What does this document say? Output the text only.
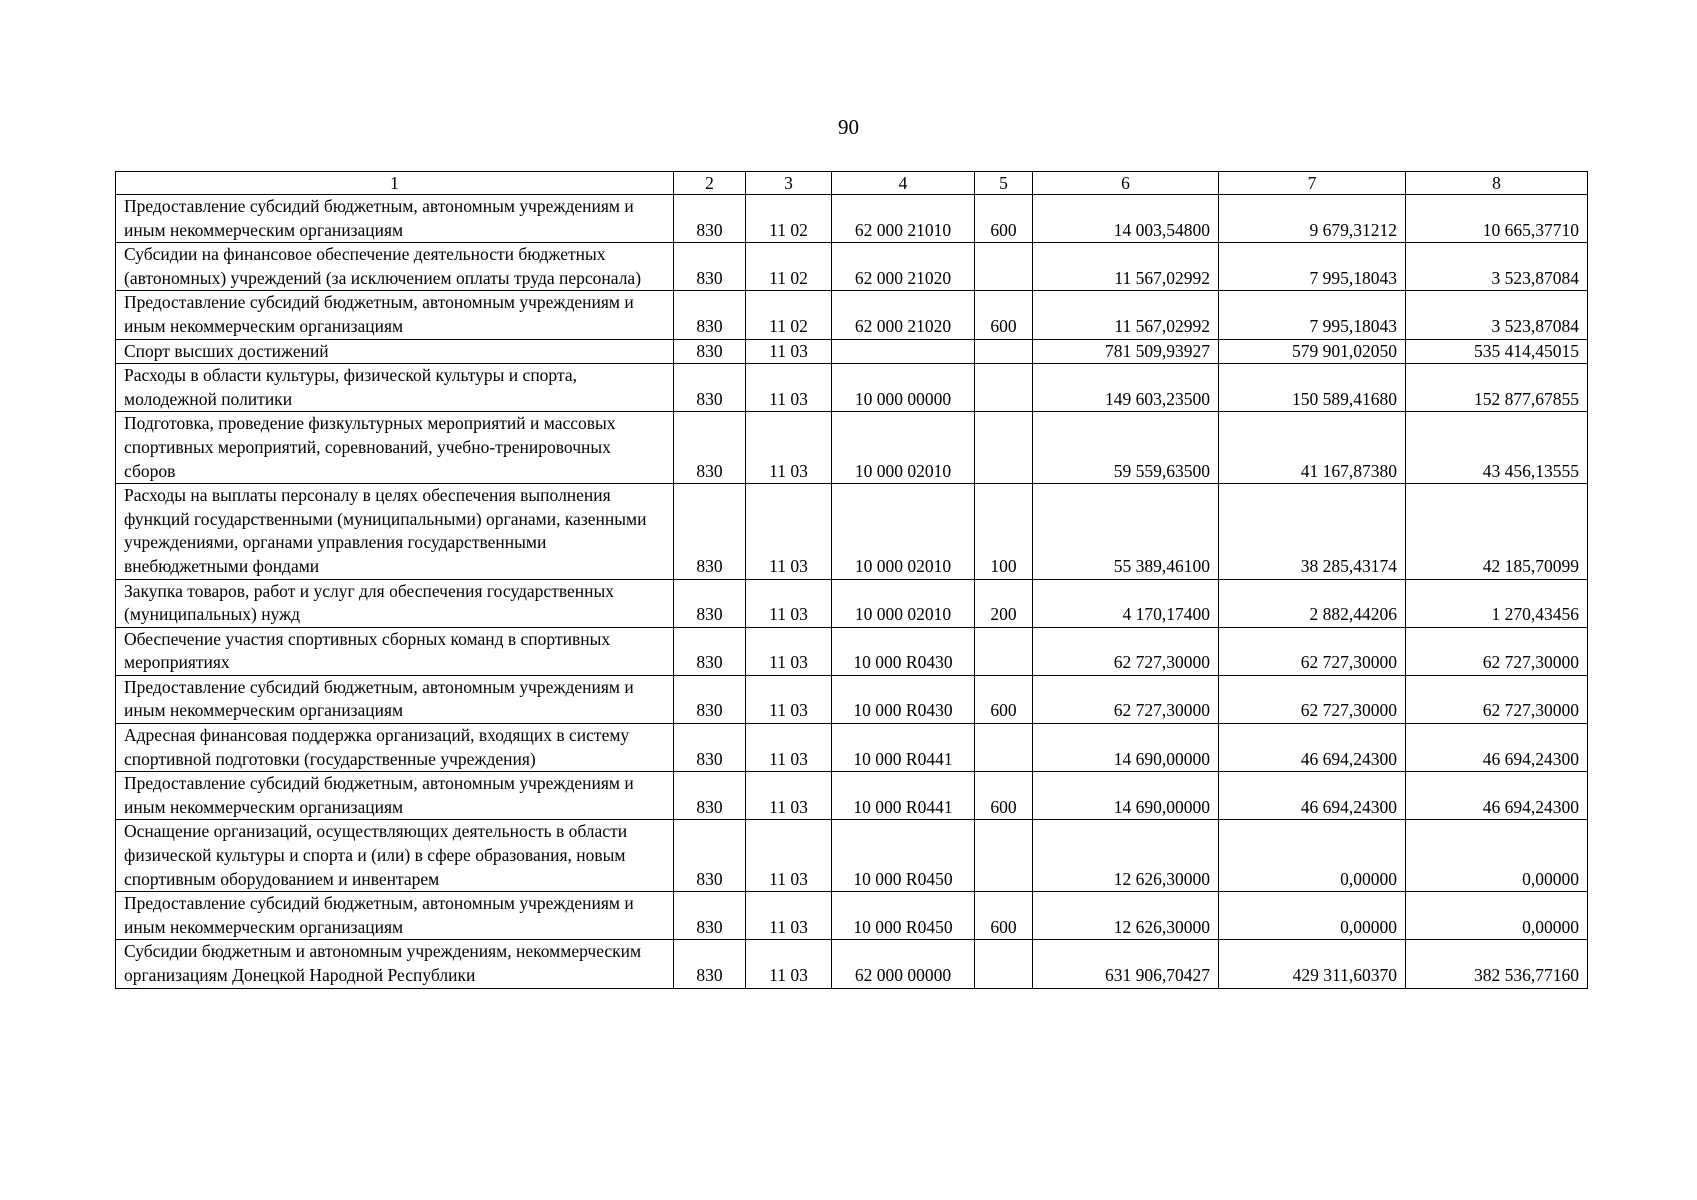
90
1	2	3	4	5	6	7	8
Предоставление субсидий бюджетным, автономным учреждениям и иным некоммерческим организациям	830	11 02	62 000 21010	600	14 003,54800	9 679,31212	10 665,37710
Субсидии на финансовое обеспечение деятельности бюджетных (автономных) учреждений (за исключением оплаты труда персонала)	830	11 02	62 000 21020		11 567,02992	7 995,18043	3 523,87084
Предоставление субсидий бюджетным, автономным учреждениям и иным некоммерческим организациям	830	11 02	62 000 21020	600	11 567,02992	7 995,18043	3 523,87084
Спорт высших достижений	830	11 03			781 509,93927	579 901,02050	535 414,45015
Расходы в области культуры, физической культуры и спорта, молодежной политики	830	11 03	10 000 00000		149 603,23500	150 589,41680	152 877,67855
Подготовка, проведение физкультурных мероприятий и массовых спортивных мероприятий, соревнований, учебно-тренировочных сборов	830	11 03	10 000 02010		59 559,63500	41 167,87380	43 456,13555
Расходы на выплаты персоналу в целях обеспечения выполнения функций государственными (муниципальными) органами, казенными учреждениями, органами управления государственными внебюджетными фондами	830	11 03	10 000 02010	100	55 389,46100	38 285,43174	42 185,70099
Закупка товаров, работ и услуг для обеспечения государственных (муниципальных) нужд	830	11 03	10 000 02010	200	4 170,17400	2 882,44206	1 270,43456
Обеспечение участия спортивных сборных команд в спортивных мероприятиях	830	11 03	10 000 R0430		62 727,30000	62 727,30000	62 727,30000
Предоставление субсидий бюджетным, автономным учреждениям и иным некоммерческим организациям	830	11 03	10 000 R0430	600	62 727,30000	62 727,30000	62 727,30000
Адресная финансовая поддержка организаций, входящих в систему спортивной подготовки (государственные учреждения)	830	11 03	10 000 R0441		14 690,00000	46 694,24300	46 694,24300
Предоставление субсидий бюджетным, автономным учреждениям и иным некоммерческим организациям	830	11 03	10 000 R0441	600	14 690,00000	46 694,24300	46 694,24300
Оснащение организаций, осуществляющих деятельность в области физической культуры и спорта и (или) в сфере образования, новым спортивным оборудованием и инвентарем	830	11 03	10 000 R0450		12 626,30000	0,00000	0,00000
Предоставление субсидий бюджетным, автономным учреждениям и иным некоммерческим организациям	830	11 03	10 000 R0450	600	12 626,30000	0,00000	0,00000
Субсидии бюджетным и автономным учреждениям, некоммерческим организациям Донецкой Народной Республики	830	11 03	62 000 00000		631 906,70427	429 311,60370	382 536,77160
